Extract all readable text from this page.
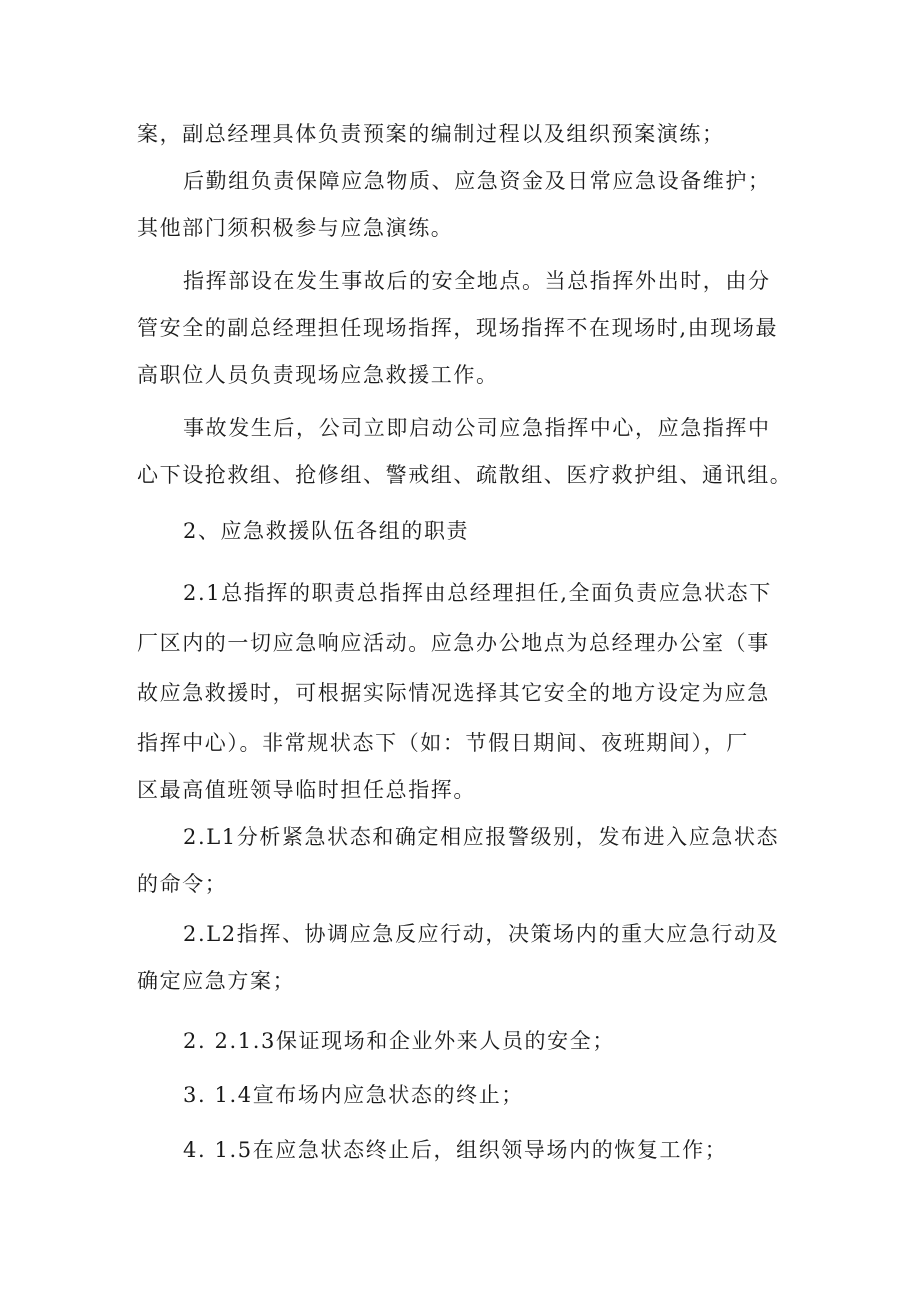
案，副总经理具体负责预案的编制过程以及组织预案演练；

后勤组负责保障应急物质、应急资金及日常应急设备维护；

其他部门须积极参与应急演练。

指挥部设在发生事故后的安全地点。当总指挥外出时，由分

管安全的副总经理担任现场指挥，现场指挥不在现场时,由现场最

高职位人员负责现场应急救援工作。

事故发生后，公司立即启动公司应急指挥中心，应急指挥中

心下设抢救组、抢修组、警戒组、疏散组、医疗救护组、通讯组。

2、应急救援队伍各组的职责

2.1总指挥的职责总指挥由总经理担任,全面负责应急状态下

厂区内的一切应急响应活动。应急办公地点为总经理办公室（事

故应急救援时，可根据实际情况选择其它安全的地方设定为应急

指挥中心）。非常规状态下（如：节假日期间、夜班期间），厂

区最高值班领导临时担任总指挥。

2.L1分析紧急状态和确定相应报警级别，发布进入应急状态

的命令；

2.L2指挥、协调应急反应行动，决策场内的重大应急行动及

确定应急方案；

2. 2.1.3保证现场和企业外来人员的安全；

3. 1.4宣布场内应急状态的终止；

4. 1.5在应急状态终止后，组织领导场内的恢复工作；
